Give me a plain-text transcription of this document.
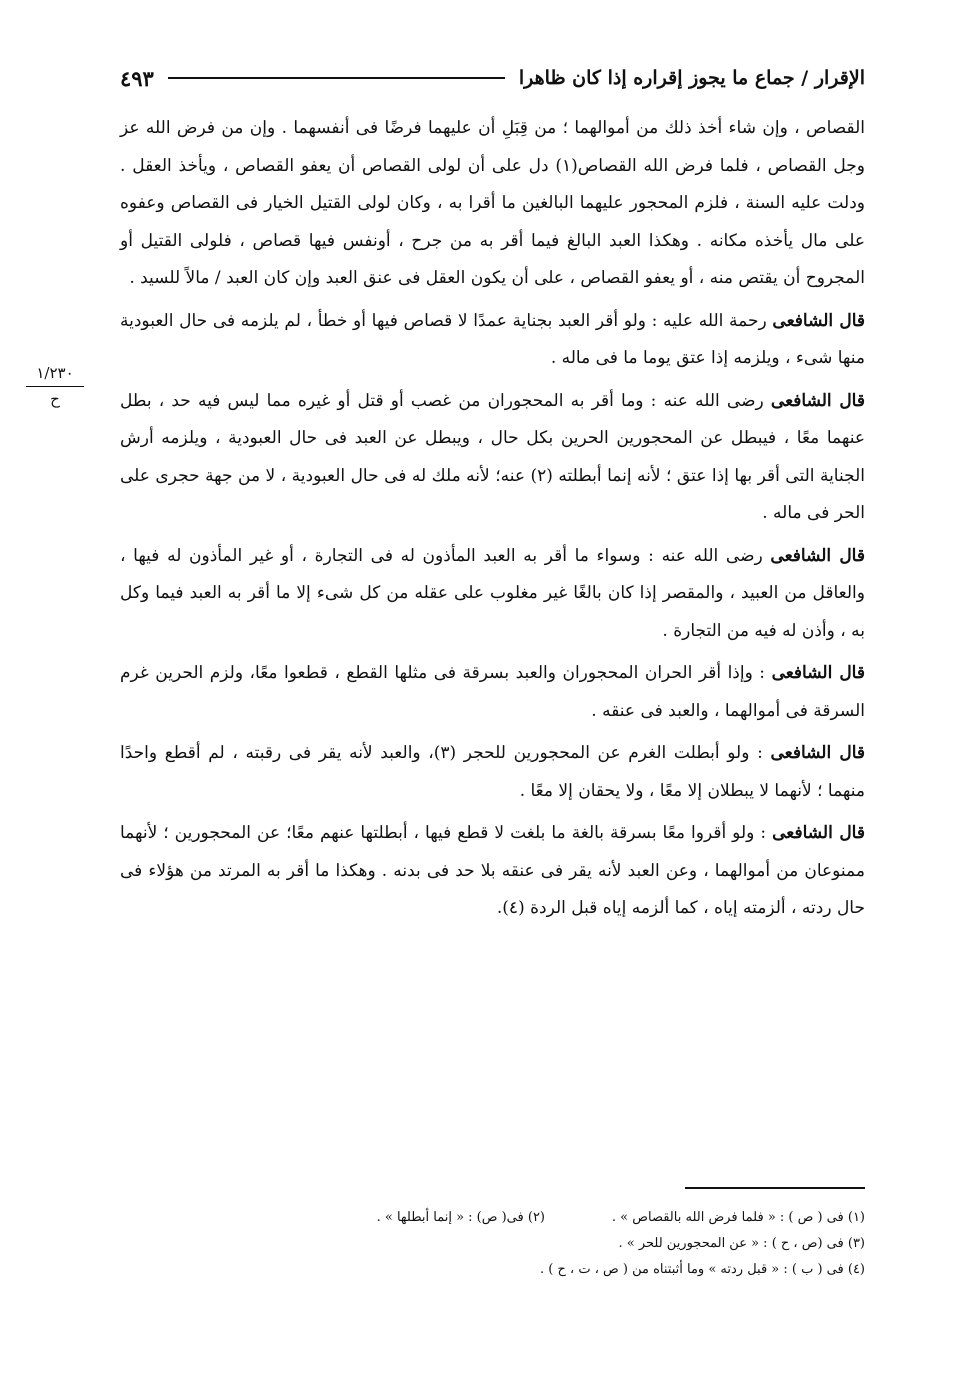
الإقرار / جماع ما يجوز إقراره إذا كان ظاهرا
٤٩٣
١/٢٣٠
ح

القصاص ، وإن شاء أخذ ذلك من أموالهما ؛ من قِبَلِ أن عليهما فرضًا فى أنفسهما . وإن من فرض الله عز وجل القصاص ، فلما فرض الله القصاص(١) دل على أن لولى القصاص أن يعفو القصاص ، ويأخذ العقل . ودلت عليه السنة ، فلزم المحجور عليهما البالغين ما أقرا به ، وكان لولى القتيل الخيار فى القصاص وعفوه على مال يأخذه مكانه . وهكذا العبد البالغ فيما أقر به من جرح ، أونفس فيها قصاص ، فلولى القتيل أو المجروح أن يقتص منه ، أو يعفو القصاص ، على أن يكون العقل فى عنق العبد وإن كان العبد / مالاً للسيد .

قال الشافعى رحمة الله عليه : ولو أقر العبد بجناية عمدًا لا قصاص فيها أو خطأ ، لم يلزمه فى حال العبودية منها شىء ، ويلزمه إذا عتق يوما ما فى ماله .

قال الشافعى رضى الله عنه : وما أقر به المحجوران من غصب أو قتل أو غيره مما ليس فيه حد ، بطل عنهما معًا ، فيبطل عن المحجورين الحرين بكل حال ، ويبطل عن العبد فى حال العبودية ، ويلزمه أرش الجناية التى أقر بها إذا عتق ؛ لأنه إنما أبطلته (٢) عنه؛ لأنه ملك له فى حال العبودية ، لا من جهة حجرى على الحر فى ماله .

قال الشافعى رضى الله عنه : وسواء ما أقر به العبد المأذون له فى التجارة ، أو غير المأذون له فيها ، والعاقل من العبيد ، والمقصر إذا كان بالغًا غير مغلوب على عقله من كل شىء إلا ما أقر به العبد فيما وكل به ، وأذن له فيه من التجارة .

قال الشافعى : وإذا أقر الحران المحجوران والعبد بسرقة فى مثلها القطع ، قطعوا معًا، ولزم الحرين غرم السرقة فى أموالهما ، والعبد فى عنقه .

قال الشافعى : ولو أبطلت الغرم عن المحجورين للحجر (٣)، والعبد لأنه يقر فى رقبته ، لم أقطع واحدًا منهما ؛ لأنهما لا يبطلان إلا معًا ، ولا يحقان إلا معًا .

قال الشافعى : ولو أقروا معًا بسرقة بالغة ما بلغت لا قطع فيها ، أبطلتها عنهم معًا؛ عن المحجورين ؛ لأنهما ممنوعان من أموالهما ، وعن العبد لأنه يقر فى عنقه بلا حد فى بدنه . وهكذا ما أقر به المرتد من هؤلاء فى حال ردته ، ألزمته إياه ، كما ألزمه إياه قبل الردة (٤).

(١) فى ( ص ) : « فلما فرض الله بالقصاص » .
(٢) فى( ص) : « إنما أبطلها » .
(٣) فى (ص ، ح ) : « عن المحجورين للحر » .
(٤) فى ( ب ) : « قبل ردته » وما أثبتناه من ( ص ، ت ، ح ) .
